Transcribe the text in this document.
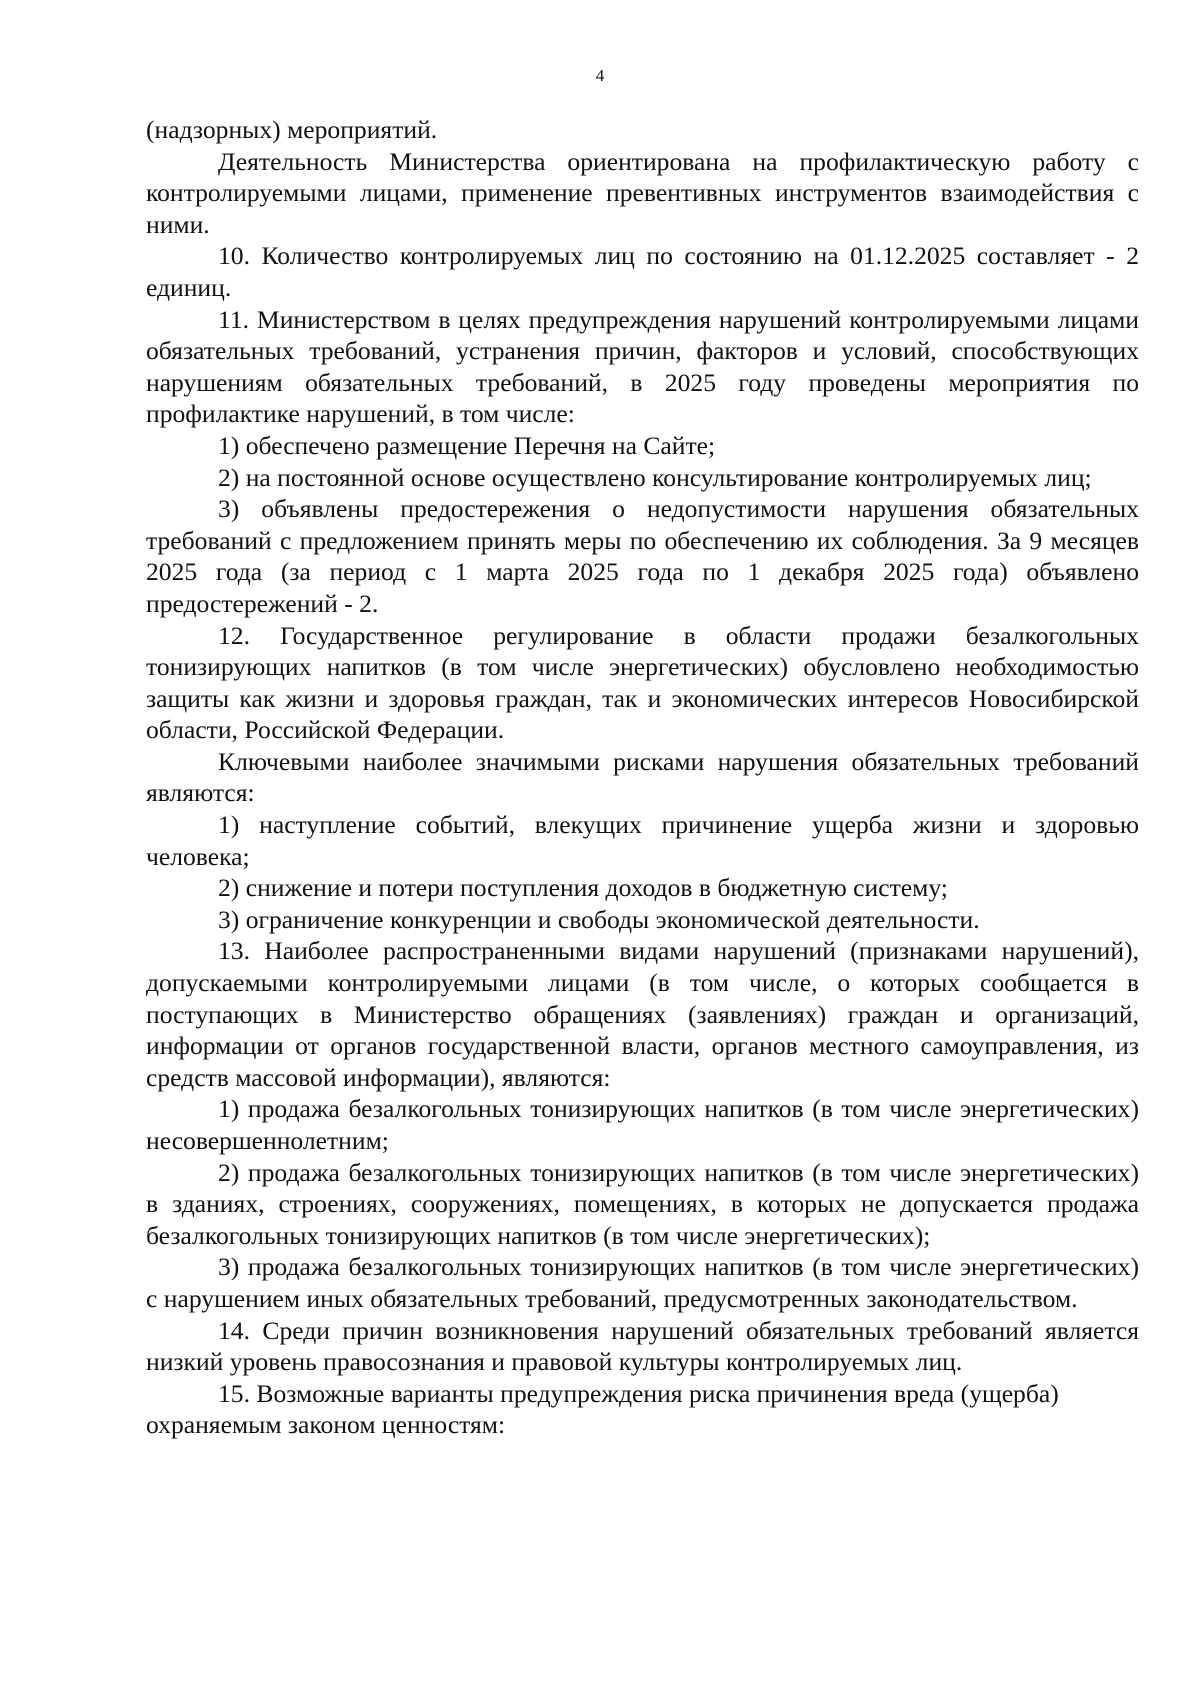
4

(надзорных) мероприятий.

Деятельность Министерства ориентирована на профилактическую работу с контролируемыми лицами, применение превентивных инструментов взаимодействия с ними.

10. Количество контролируемых лиц по состоянию на 01.12.2025 составляет - 2 единиц.

11. Министерством в целях предупреждения нарушений контролируемыми лицами обязательных требований, устранения причин, факторов и условий, способствующих нарушениям обязательных требований, в 2025 году проведены мероприятия по профилактике нарушений, в том числе:

1) обеспечено размещение Перечня на Сайте;

2) на постоянной основе осуществлено консультирование контролируемых лиц;

3) объявлены предостережения о недопустимости нарушения обязательных требований с предложением принять меры по обеспечению их соблюдения. За 9 месяцев 2025 года (за период с 1 марта 2025 года по 1 декабря 2025 года) объявлено предостережений - 2.

12. Государственное регулирование в области продажи безалкогольных тонизирующих напитков (в том числе энергетических) обусловлено необходимостью защиты как жизни и здоровья граждан, так и экономических интересов Новосибирской области, Российской Федерации.

Ключевыми наиболее значимыми рисками нарушения обязательных требований являются:

1) наступление событий, влекущих причинение ущерба жизни и здоровью человека;

2) снижение и потери поступления доходов в бюджетную систему;

3) ограничение конкуренции и свободы экономической деятельности.

13. Наиболее распространенными видами нарушений (признаками нарушений), допускаемыми контролируемыми лицами (в том числе, о которых сообщается в поступающих в Министерство обращениях (заявлениях) граждан и организаций, информации от органов государственной власти, органов местного самоуправления, из средств массовой информации), являются:

1) продажа безалкогольных тонизирующих напитков (в том числе энергетических) несовершеннолетним;

2) продажа безалкогольных тонизирующих напитков (в том числе энергетических) в зданиях, строениях, сооружениях, помещениях, в которых не допускается продажа безалкогольных тонизирующих напитков (в том числе энергетических);

3) продажа безалкогольных тонизирующих напитков (в том числе энергетических) с нарушением иных обязательных требований, предусмотренных законодательством.

14. Среди причин возникновения нарушений обязательных требований является низкий уровень правосознания и правовой культуры контролируемых лиц.

15. Возможные варианты предупреждения риска причинения вреда (ущерба) охраняемым законом ценностям:
